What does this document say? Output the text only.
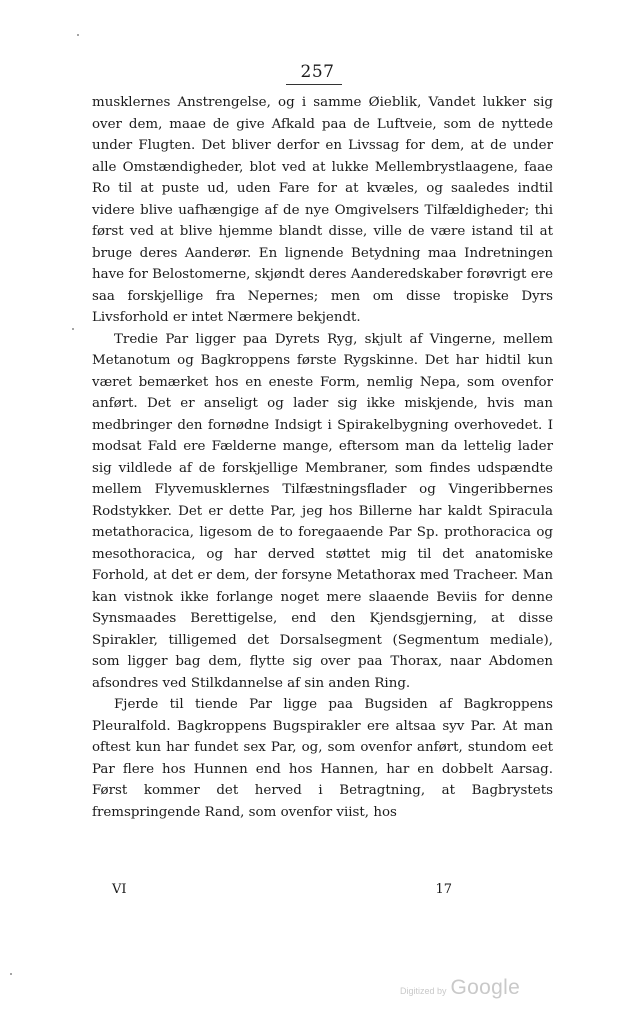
257

musklernes Anstrengelse, og i samme Øieblik, Vandet lukker sig over dem, maae de give Afkald paa de Luftveie, som de nyttede under Flugten. Det bliver derfor en Livssag for dem, at de under alle Omstændigheder, blot ved at lukke Mellembrystlaagene, faae Ro til at puste ud, uden Fare for at kvæles, og saaledes indtil videre blive uafhængige af de nye Omgivelsers Tilfældigheder; thi først ved at blive hjemme blandt disse, ville de være istand til at bruge deres Aanderør. En lignende Betydning maa Indretningen have for Belostomerne, skjøndt deres Aanderedskaber forøvrigt ere saa forskjellige fra Nepernes; men om disse tropiske Dyrs Livsforhold er intet Nærmere bekjendt.

Tredie Par ligger paa Dyrets Ryg, skjult af Vingerne, mellem Metanotum og Bagkroppens første Rygskinne. Det har hidtil kun været bemærket hos en eneste Form, nemlig Nepa, som ovenfor anført. Det er anseligt og lader sig ikke miskjende, hvis man medbringer den fornødne Indsigt i Spirakelbygning overhovedet. I modsat Fald ere Fælderne mange, eftersom man da lettelig lader sig vildlede af de forskjellige Membraner, som findes udspændte mellem Flyvemusklernes Tilfæstningsflader og Vingeribbernes Rodstykker. Det er dette Par, jeg hos Billerne har kaldt Spiracula metathoracica, ligesom de to foregaaende Par Sp. prothoracica og mesothoracica, og har derved støttet mig til det anatomiske Forhold, at det er dem, der forsyne Metathorax med Tracheer. Man kan vistnok ikke forlange noget mere slaaende Beviis for denne Synsmaades Berettigelse, end den Kjendsgjerning, at disse Spirakler, tilligemed det Dorsalsegment (Segmentum mediale), som ligger bag dem, flytte sig over paa Thorax, naar Abdomen afsondres ved Stilkdannelse af sin anden Ring.

Fjerde til tiende Par ligge paa Bugsiden af Bagkroppens Pleuralfold. Bagkroppens Bugspirakler ere altsaa syv Par. At man oftest kun har fundet sex Par, og, som ovenfor anført, stundom eet Par flere hos Hunnen end hos Hannen, har en dobbelt Aarsag. Først kommer det herved i Betragtning, at Bagbrystets fremspringende Rand, som ovenfor viist, hos

VI	17
Digitized by Google
